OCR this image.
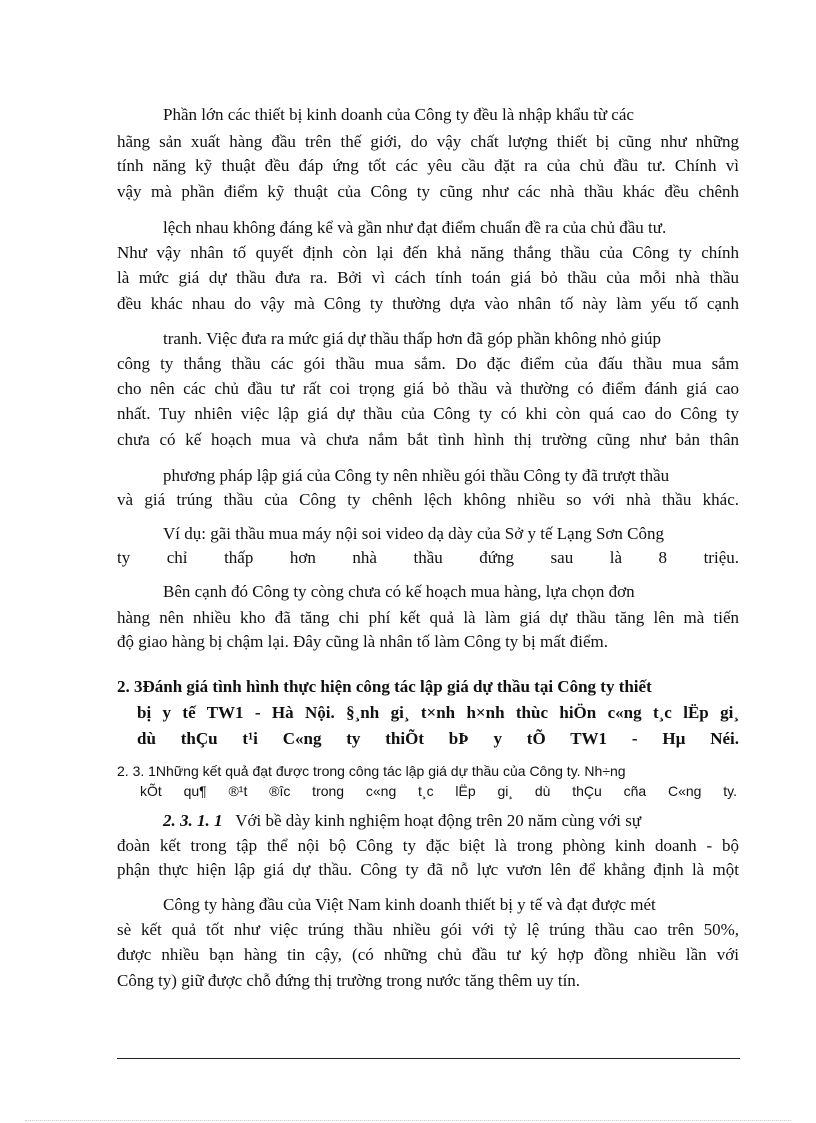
Phần lớn các thiết bị kinh doanh của Công ty đều là nhập khẩu từ các
hãng sản xuất hàng đầu trên thế giới, do vậy chất lượng thiết bị cũng như những
tính năng kỹ thuật đều đáp ứng tốt các yêu cầu đặt ra của chủ đầu tư. Chính vì
vậy mà phần điểm kỹ thuật của Công ty cũng như các nhà thầu khác đều chênh
lệch nhau không đáng kể và gần như đạt điểm chuẩn đề ra của chủ đầu tư.
Như vậy nhân tố quyết định còn lại đến khả năng thắng thầu của Công ty chính
là mức giá dự thầu đưa ra. Bởi vì cách tính toán giá bỏ thầu của mỗi nhà thầu
đều khác nhau do vậy mà Công ty thường dựa vào nhân tố này làm yếu tố cạnh
tranh. Việc đưa ra mức giá dự thầu thấp hơn đã góp phần không nhỏ giúp
công ty thắng thầu các gói thầu mua sắm. Do đặc điểm của đấu thầu mua sắm
cho nên các chủ đầu tư rất coi trọng giá bỏ thầu và thường có điểm đánh giá cao
nhất. Tuy nhiên việc lập giá dự thầu của Công ty có khi còn quá cao do Công ty
chưa có kế hoạch mua và chưa nắm bắt tình hình thị trường cũng như bản thân
phương pháp lập giá của Công ty nên nhiều gói thầu Công ty đã trượt thầu
và giá trúng thầu của Công ty chênh lệch không nhiều so với nhà thầu khác.
Ví dụ: gãi thầu mua máy nội soi video dạ dày của Sở y tế Lạng Sơn Công
ty chỉ thấp hơn nhà thầu đứng sau là 8 triệu.
Bên cạnh đó Công ty còng chưa có kế hoạch mua hàng, lựa chọn đơn
hàng nên nhiều kho đã tăng chi phí kết quả là làm giá dự thầu tăng lên mà tiến
độ giao hàng bị chậm lại. Đây cũng là nhân tố làm Công ty bị mất điểm.
2. 3Đánh giá tình hình thực hiện công tác lập giá dự thầu tại Công ty thiết
bị y tế TW1 - Hà Nội. §¸nh gi¸ t×nh h×nh thùc hiÖn c«ng t¸c lËp gi¸
dù thÇu t¹i C«ng ty thiÕt bÞ y tÕ TW1 - Hµ Néi.
2. 3. 1Những kết quả đạt được trong công tác lập giá dự thầu của Công ty. Nh÷ng
kÕt qu¶ ®¹t ®îc trong c«ng t¸c lËp gi¸ dù thÇu cña C«ng ty.
2. 3. 1. 1 Với bề dày kinh nghiệm hoạt động trên 20 năm cùng với sự
đoàn kết trong tập thể nội bộ Công ty đặc biệt là trong phòng kinh doanh - bộ
phận thực hiện lập giá dự thầu. Công ty đã nỗ lực vươn lên để khẳng định là một
Công ty hàng đầu của Việt Nam kinh doanh thiết bị y tế và đạt được mét
sè kết quả tốt như việc trúng thầu nhiều gói với tỷ lệ trúng thầu cao trên 50%,
được nhiều bạn hàng tin cậy, (có những chủ đầu tư ký hợp đồng nhiều lần với
Công ty) giữ được chỗ đứng thị trường trong nước tăng thêm uy tín.
